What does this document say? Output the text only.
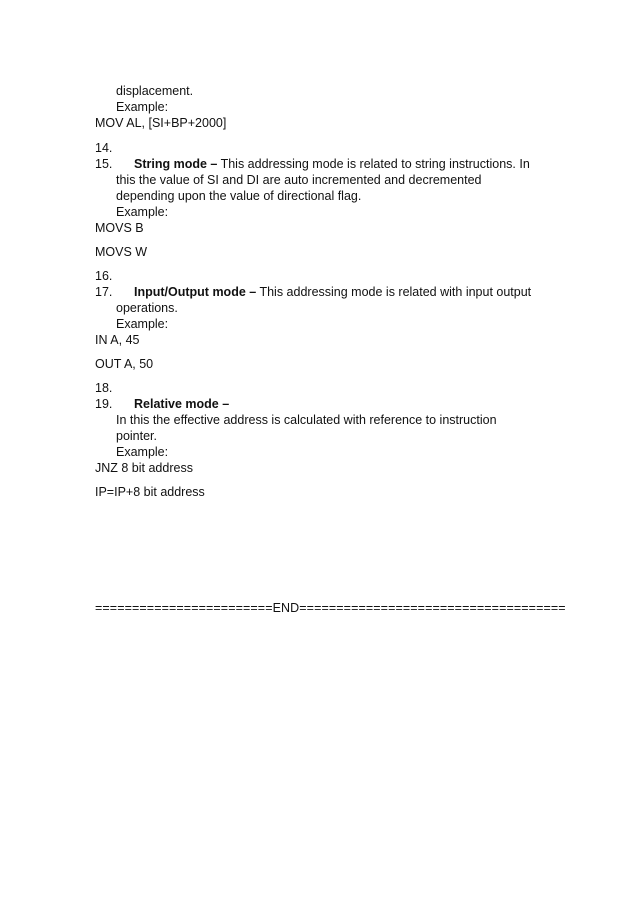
displacement.
Example:
MOV AL, [SI+BP+2000]
14.
15. String mode – This addressing mode is related to string instructions. In
this the value of SI and DI are auto incremented and decremented
depending upon the value of directional flag.
Example:
MOVS B
MOVS W
16.
17. Input/Output mode – This addressing mode is related with input output
operations.
Example:
IN A, 45
OUT A, 50
18.
19. Relative mode –
In this the effective address is calculated with reference to instruction
pointer.
Example:
JNZ 8 bit address
IP=IP+8 bit address
========================END====================================
